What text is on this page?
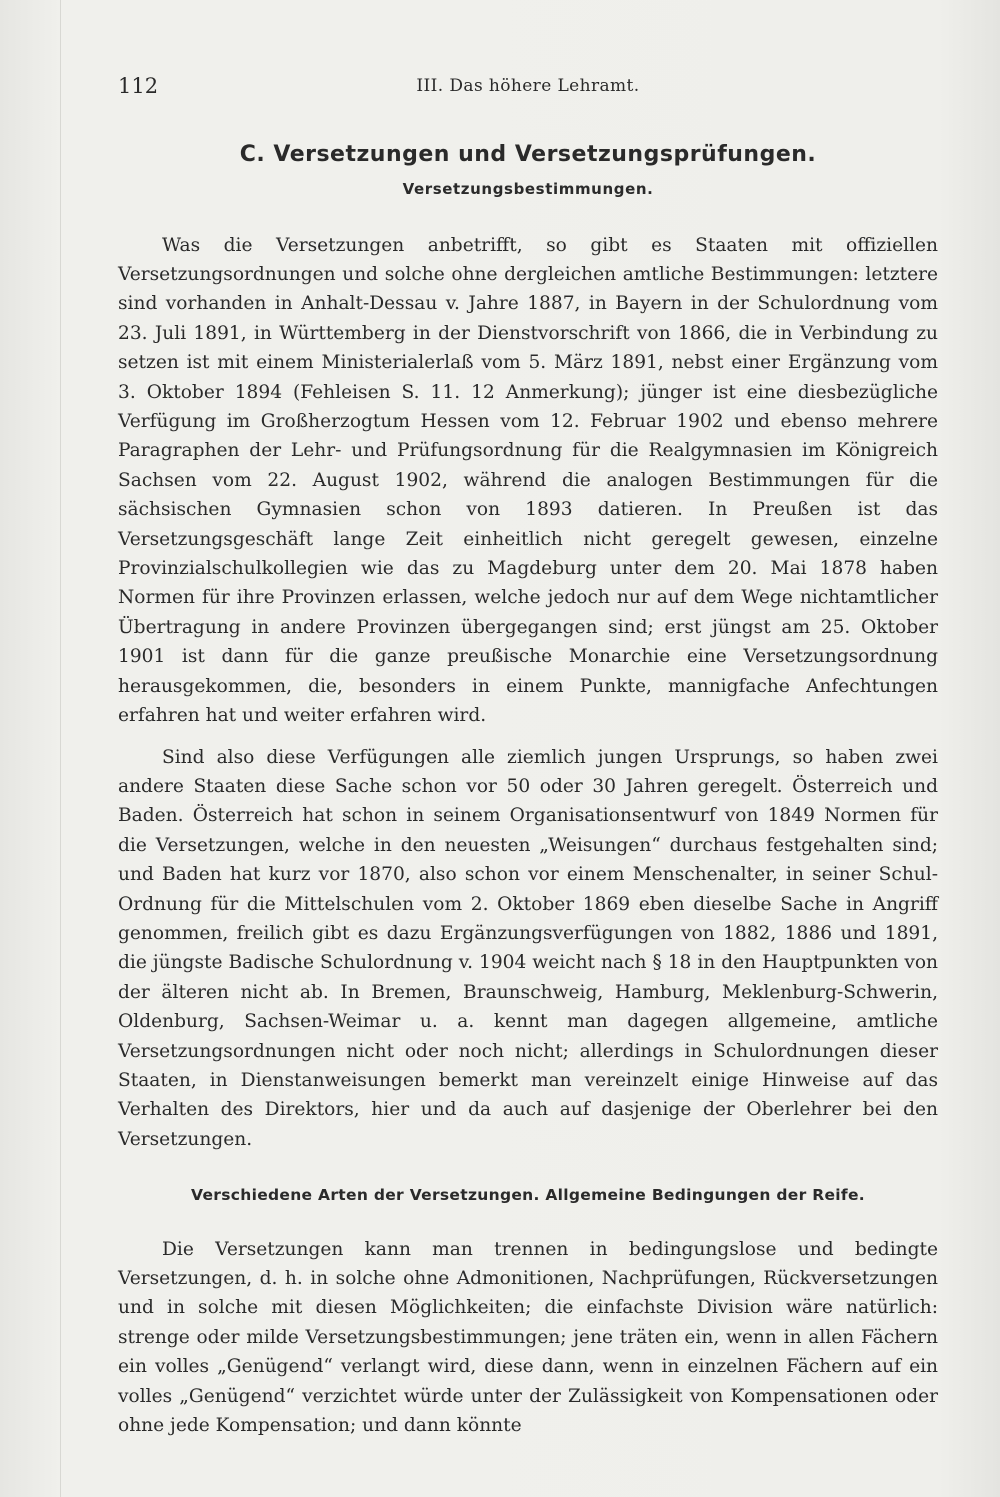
112	III. Das höhere Lehramt.
C. Versetzungen und Versetzungsprüfungen.
Versetzungsbestimmungen.

Was die Versetzungen anbetrifft, so gibt es Staaten mit offiziellen Versetzungsordnungen und solche ohne dergleichen amtliche Bestimmungen: letztere sind vorhanden in Anhalt-Dessau v. Jahre 1887, in Bayern in der Schulordnung vom 23. Juli 1891, in Württemberg in der Dienstvorschrift von 1866, die in Verbindung zu setzen ist mit einem Ministerialerlaß vom 5. März 1891, nebst einer Ergänzung vom 3. Oktober 1894 (Fehleisen S. 11. 12 Anmerkung); jünger ist eine diesbezügliche Verfügung im Großherzogtum Hessen vom 12. Februar 1902 und ebenso mehrere Paragraphen der Lehr- und Prüfungsordnung für die Realgymnasien im Königreich Sachsen vom 22. August 1902, während die analogen Bestimmungen für die sächsischen Gymnasien schon von 1893 datieren. In Preußen ist das Versetzungsgeschäft lange Zeit einheitlich nicht geregelt gewesen, einzelne Provinzialschulkollegien wie das zu Magdeburg unter dem 20. Mai 1878 haben Normen für ihre Provinzen erlassen, welche jedoch nur auf dem Wege nichtamtlicher Übertragung in andere Provinzen übergegangen sind; erst jüngst am 25. Oktober 1901 ist dann für die ganze preußische Monarchie eine Versetzungsordnung herausgekommen, die, besonders in einem Punkte, mannigfache Anfechtungen erfahren hat und weiter erfahren wird.

Sind also diese Verfügungen alle ziemlich jungen Ursprungs, so haben zwei andere Staaten diese Sache schon vor 50 oder 30 Jahren geregelt. Österreich und Baden. Österreich hat schon in seinem Organisationsentwurf von 1849 Normen für die Versetzungen, welche in den neuesten „Weisungen“ durchaus festgehalten sind; und Baden hat kurz vor 1870, also schon vor einem Menschenalter, in seiner Schul-Ordnung für die Mittelschulen vom 2. Oktober 1869 eben dieselbe Sache in Angriff genommen, freilich gibt es dazu Ergänzungsverfügungen von 1882, 1886 und 1891, die jüngste Badische Schulordnung v. 1904 weicht nach § 18 in den Hauptpunkten von der älteren nicht ab. In Bremen, Braunschweig, Hamburg, Meklenburg-Schwerin, Oldenburg, Sachsen-Weimar u. a. kennt man dagegen allgemeine, amtliche Versetzungsordnungen nicht oder noch nicht; allerdings in Schulordnungen dieser Staaten, in Dienstanweisungen bemerkt man vereinzelt einige Hinweise auf das Verhalten des Direktors, hier und da auch auf dasjenige der Oberlehrer bei den Versetzungen.

Verschiedene Arten der Versetzungen. Allgemeine Bedingungen der Reife.

Die Versetzungen kann man trennen in bedingungslose und bedingte Versetzungen, d. h. in solche ohne Admonitionen, Nachprüfungen, Rückversetzungen und in solche mit diesen Möglichkeiten; die einfachste Division wäre natürlich: strenge oder milde Versetzungsbestimmungen; jene träten ein, wenn in allen Fächern ein volles „Genügend“ verlangt wird, diese dann, wenn in einzelnen Fächern auf ein volles „Genügend“ verzichtet würde unter der Zulässigkeit von Kompensationen oder ohne jede Kompensation; und dann könnte
